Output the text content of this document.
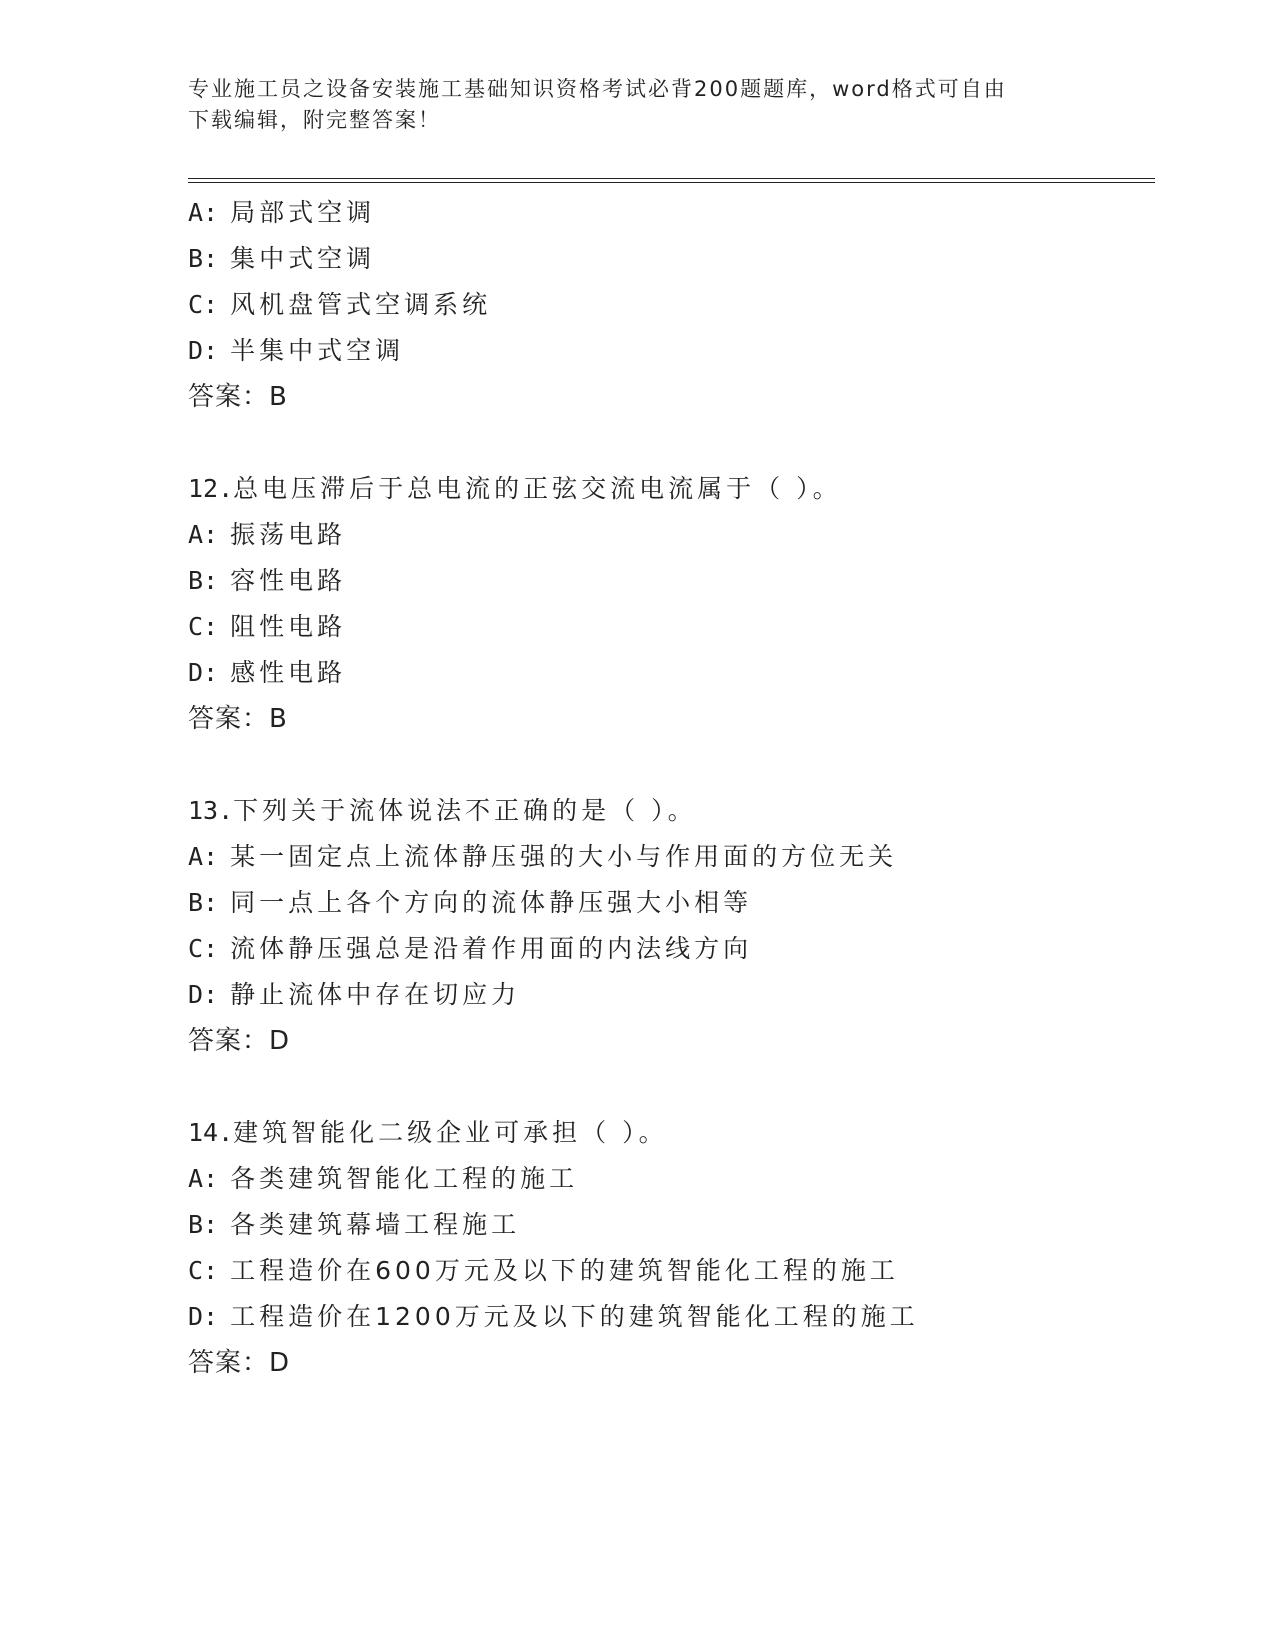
专业施工员之设备安装施工基础知识资格考试必背200题题库，word格式可自由
下载编辑，附完整答案！
A: 局部式空调
B: 集中式空调
C: 风机盘管式空调系统
D: 半集中式空调
答案：B
12.总电压滞后于总电流的正弦交流电流属于（ ）。
A: 振荡电路
B: 容性电路
C: 阻性电路
D: 感性电路
答案：B
13.下列关于流体说法不正确的是（ ）。
A: 某一固定点上流体静压强的大小与作用面的方位无关
B: 同一点上各个方向的流体静压强大小相等
C: 流体静压强总是沿着作用面的内法线方向
D: 静止流体中存在切应力
答案：D
14.建筑智能化二级企业可承担（ ）。
A: 各类建筑智能化工程的施工
B: 各类建筑幕墙工程施工
C: 工程造价在600万元及以下的建筑智能化工程的施工
D: 工程造价在1200万元及以下的建筑智能化工程的施工
答案：D
